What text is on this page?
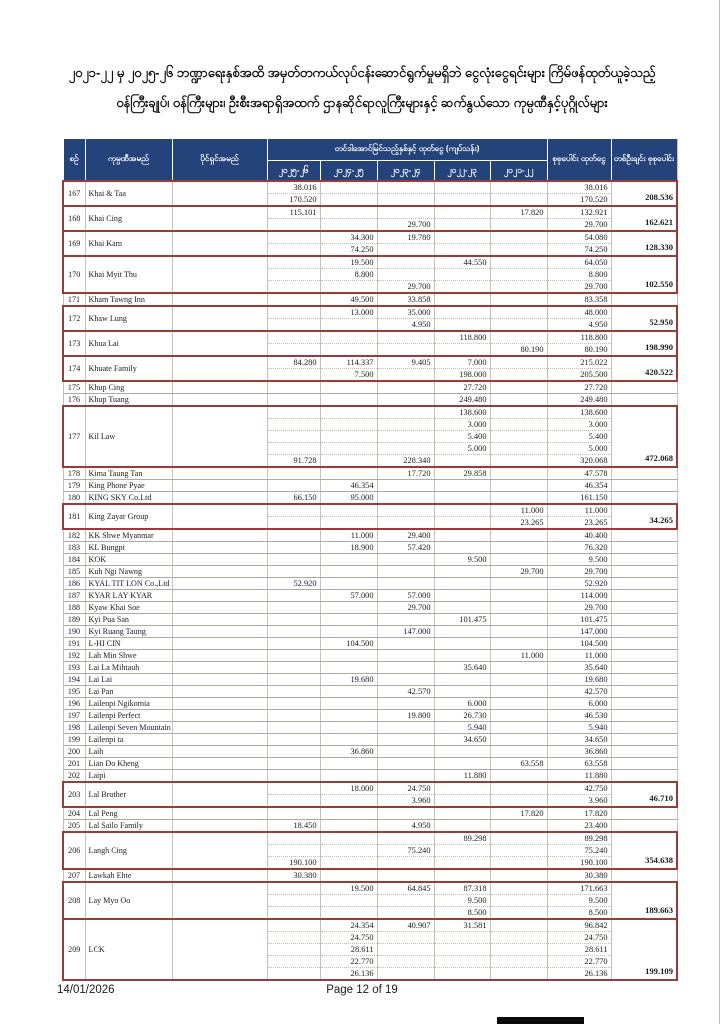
၂၀၂၁-၂၂ မှ ၂၀၂၅-၂၆ ဘဏ္ဍာရေးနှစ်အထိ အမှတ်တကယ်လုပ်ငန်းဆောင်ရွက်မှုမရှိဘဲ ငွေလုံးငွေရင်းများ ကြိမ်ဖန်ထုတ်ယူခဲ့သည့်
ဝန်ကြီးချုပ်၊ ဝန်ကြီးများ၊ ဦးစီးအရာရှိအထက် ဌာနဆိုင်ရာလူကြီးများနှင့် ဆက်နွယ်သော ကုမ္ပဏီနှင့်ပုဂ္ဂိုလ်များ
စဉ်	ကုမ္ပဏီအမည်	ပိုင်ရှင်အမည်	တင်ဒါအောင်မြင်သည့်နှစ်နှင့် ထုတ်ငွေ (ကျပ်သန်း)					စုစုပေါင်း ထုတ်ငွေ	တစ်ဦးချင်း စုစုပေါင်း
			၂၀၂၅-၂၆	၂၀၂၄-၂၅	၂၀၂၃-၂၄	၂၀၂၂-၂၃	၂၀၂၁-၂၂		
167	Khai & Taa		38.016					38.016	208.536
			170.520					170.520	
168	Khai Cing		115.101				17.820	132.921	162.621
					29.700			29.700	
169	Khai Kam			34.300	19.780			54.080	128.330
				74.250				74.250	
170	Khai Myit Thu			19.500		44.550		64.050	102.550
				8.800				8.800	
					29.700			29.700	
171	Kham Tawng Inn			49.500	33.858			83.358	
172	Khaw Lung			13.000	35.000			48.000	52.950
					4.950			4.950	
173	Khua Lai					118.800		118.800	198.990
							80.190	80.190	
174	Khuate Family		84.280	114.337	9.405	7.000		215.022	420.522
				7.500		198.000		205.500	
175	Khup Cing					27.720		27.720	
176	Khup Tuang					249.480		249.480	
177	Kil Law					138.600		138.600	472.068
						3.000		3.000	
						5.400		5.400	
						5.000		5.000	
			91.728		228.340			320.068	
178	Kima Taung Tan				17.720	29.858		47.578	
179	King Phone Pyae			46.354				46.354	
180	KING SKY Co.Ltd		66.150	95.000				161.150	
181	King Zayar Group						11.000	11.000	34.265
							23.265	23.265	
182	KK Shwe Myanmar			11.000	29.400			40.400	
183	KL Bungpi			18.900	57.420			76.320	
184	KOK					9.500		9.500	
185	Kuh Ngi Nawng						29.700	29.700	
186	KYAL TIT LON Co.,Ltd		52.920					52.920	
187	KYAR LAY KYAR			57.000	57.000			114.000	
188	Kyaw Khai Soe				29.700			29.700	
189	Kyi Pua San					101.475		101.475	
190	Kyi Ruang Taung				147.000			147.000	
191	L-HI CIN			104.500				104.500	
192	Lah Min Shwe						11.000	11.000	
193	Lai La Mihtauh					35.640		35.640	
194	Lai Lai			19.680				19.680	
195	Lai Pan				42.570			42.570	
196	Lailenpi Ngikomia					6.000		6.000	
197	Lailenpi Perfect				19.800	26.730		46.530	
198	Lailenpi Seven Mountain					5.940		5.940	
199	Lailenpi ta					34.650		34.650	
200	Laih			36.860				36.860	
201	Lian Do Kheng						63.558	63.558	
202	Laipi					11.880		11.880	
203	Lal Brother			18.000	24.750			42.750	46.710
					3.960			3.960	
204	Lal Peng						17.820	17.820	
205	Lal Sailo Family		18.450		4.950			23.400	
206	Langh Cing					89.298		89.298	354.638
					75.240			75.240	
			190.100					190.100	
207	Lawkah Ehte		30.380					30.380	
208	Lay Myo Oo			19.500	64.845	87.318		171.663	189.663
						9.500		9.500	
						8.500		8.500	
209	LCK			24.354	40.907	31.581		96.842	199.109
				24.750				24.750	
				28.611				28.611	
				22.770				22.770	
				26.136				26.136	
14/01/2026	Page 12 of 19
